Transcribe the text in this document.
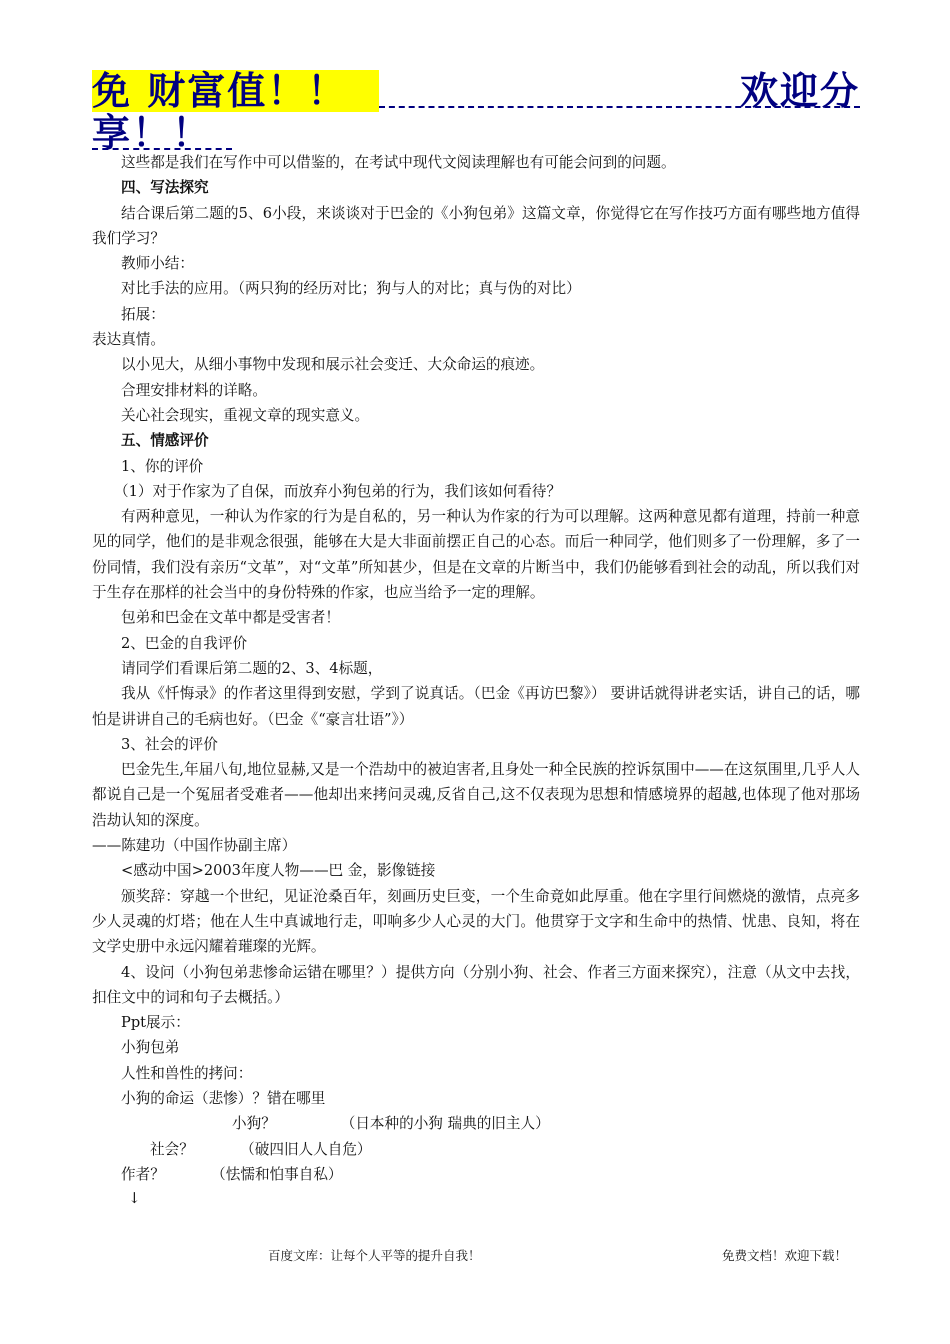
免 财富值！！	欢迎分
享！！

这些都是我们在写作中可以借鉴的，在考试中现代文阅读理解也有可能会问到的问题。

四、写法探究

结合课后第二题的5、6小段，来谈谈对于巴金的《小狗包弟》这篇文章，你觉得它在写作技巧方面有哪些地方值得我们学习？

教师小结：

对比手法的应用。（两只狗的经历对比；狗与人的对比；真与伪的对比）

拓展：

表达真情。

以小见大，从细小事物中发现和展示社会变迁、大众命运的痕迹。

合理安排材料的详略。

关心社会现实，重视文章的现实意义。

五、情感评价

1、你的评价

（1）对于作家为了自保，而放弃小狗包弟的行为，我们该如何看待？

有两种意见，一种认为作家的行为是自私的，另一种认为作家的行为可以理解。这两种意见都有道理，持前一种意见的同学，他们的是非观念很强，能够在大是大非面前摆正自己的心态。而后一种同学，他们则多了一份理解，多了一份同情，我们没有亲历“文革”，对“文革”所知甚少，但是在文章的片断当中，我们仍能够看到社会的动乱，所以我们对于生存在那样的社会当中的身份特殊的作家，也应当给予一定的理解。

包弟和巴金在文革中都是受害者！

2、巴金的自我评价

请同学们看课后第二题的2、3、4标题，

我从《忏悔录》的作者这里得到安慰，学到了说真话。（巴金《再访巴黎》） 要讲话就得讲老实话，讲自己的话，哪怕是讲讲自己的毛病也好。（巴金《“豪言壮语”》）

3、社会的评价

巴金先生,年届八旬,地位显赫,又是一个浩劫中的被迫害者,且身处一种全民族的控诉氛围中——在这氛围里,几乎人人都说自己是一个冤屈者受难者——他却出来拷问灵魂,反省自己,这不仅表现为思想和情感境界的超越,也体现了他对那场浩劫认知的深度。

——陈建功（中国作协副主席）

<感动中国>2003年度人物——巴 金，影像链接

颁奖辞：穿越一个世纪，见证沧桑百年，刻画历史巨变，一个生命竟如此厚重。他在字里行间燃烧的激情，点亮多少人灵魂的灯塔；他在人生中真诚地行走，叩响多少人心灵的大门。他贯穿于文字和生命中的热情、忧患、良知，将在文学史册中永远闪耀着璀璨的光辉。

4、设问（小狗包弟悲惨命运错在哪里？）提供方向（分别小狗、社会、作者三方面来探究），注意（从文中去找，扣住文中的词和句子去概括。）

Ppt展示：

小狗包弟

人性和兽性的拷问：

小狗的命运（悲惨）？错在哪里

小狗？              （日本种的小狗 瑞典的旧主人）

社会？          （破四旧人人自危）

作者？          （怯懦和怕事自私）

↓

百度文库：让每个人平等的提升自我！	免费文档！欢迎下载！
